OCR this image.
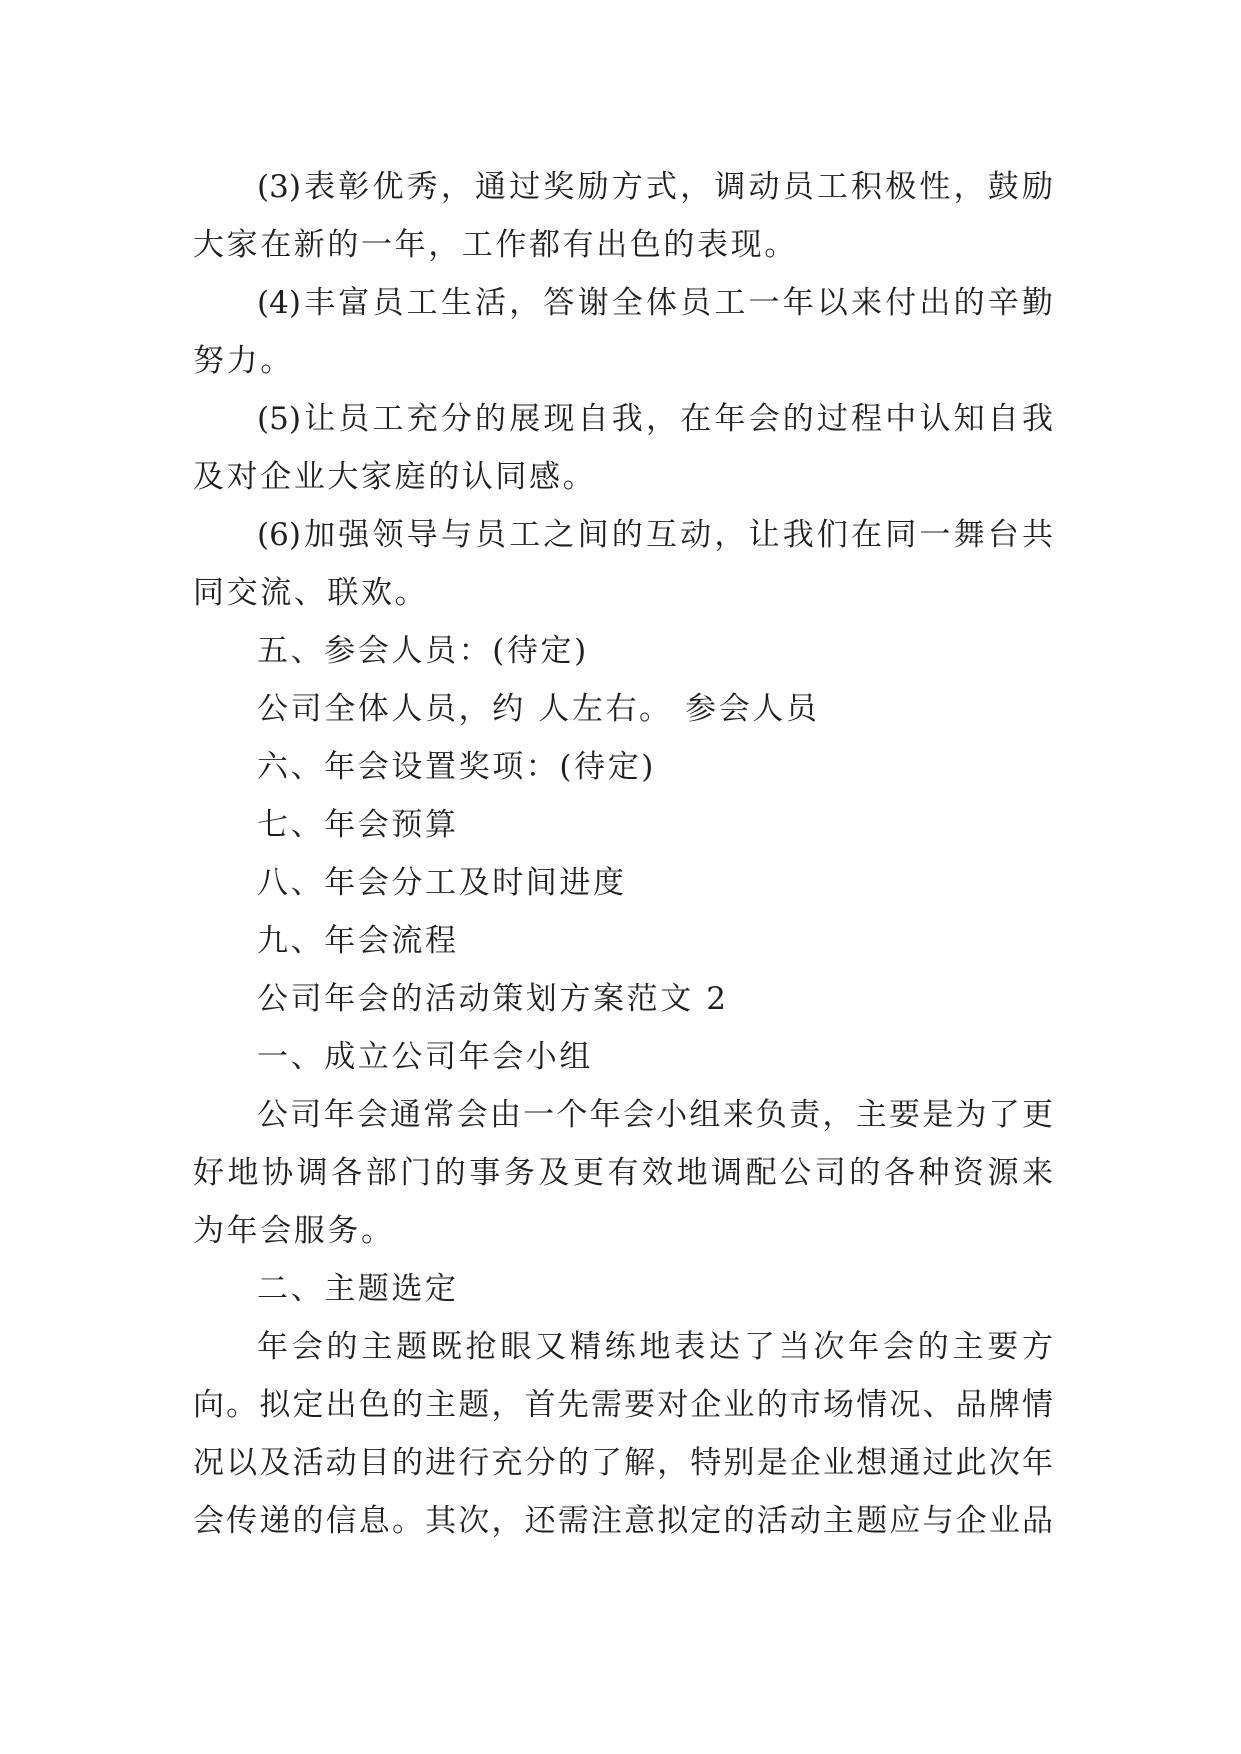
(3)表彰优秀，通过奖励方式，调动员工积极性，鼓励
大家在新的一年，工作都有出色的表现。
(4)丰富员工生活，答谢全体员工一年以来付出的辛勤
努力。
(5)让员工充分的展现自我，在年会的过程中认知自我
及对企业大家庭的认同感。
(6)加强领导与员工之间的互动，让我们在同一舞台共
同交流、联欢。
五、参会人员：(待定)
公司全体人员，约 人左右。 参会人员
六、年会设置奖项：(待定)
七、年会预算
八、年会分工及时间进度
九、年会流程
公司年会的活动策划方案范文 2
一、成立公司年会小组
公司年会通常会由一个年会小组来负责，主要是为了更
好地协调各部门的事务及更有效地调配公司的各种资源来
为年会服务。
二、主题选定
年会的主题既抢眼又精练地表达了当次年会的主要方
向。拟定出色的主题，首先需要对企业的市场情况、品牌情
况以及活动目的进行充分的了解，特别是企业想通过此次年
会传递的信息。其次，还需注意拟定的活动主题应与企业品
